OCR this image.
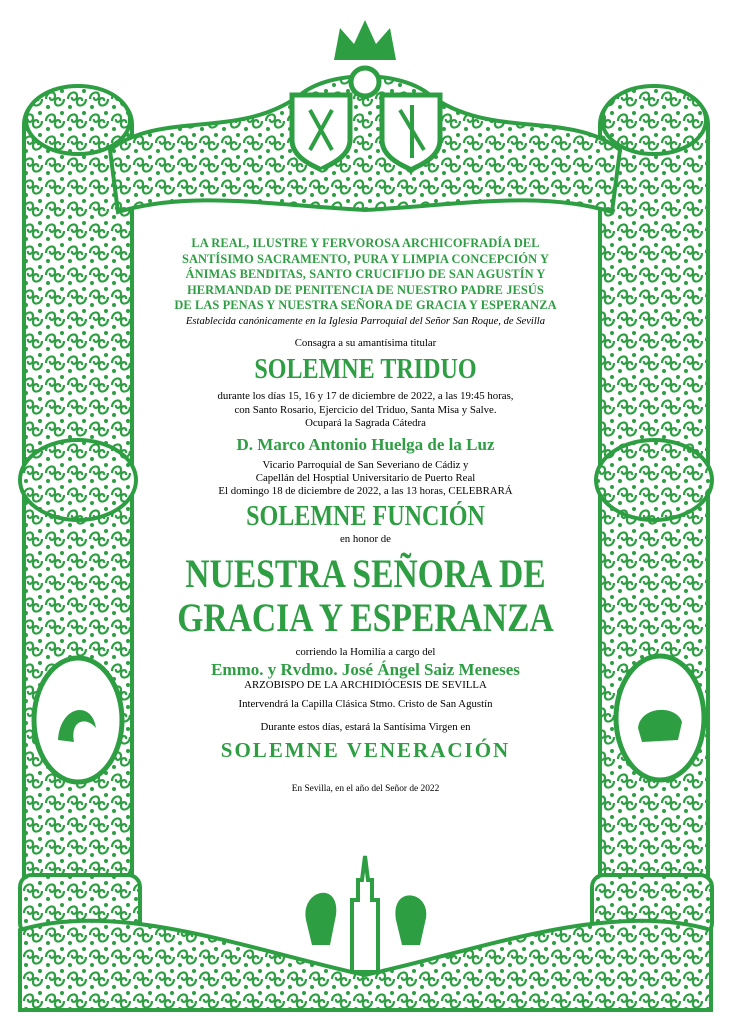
LA REAL, ILUSTRE Y FERVOROSA ARCHICOFRADÍA DEL
SANTÍSIMO SACRAMENTO, PURA Y LIMPIA CONCEPCIÓN Y
ÁNIMAS BENDITAS, SANTO CRUCIFIJO DE SAN AGUSTÍN Y
HERMANDAD DE PENITENCIA DE NUESTRO PADRE JESÚS
DE LAS PENAS Y NUESTRA SEÑORA DE GRACIA Y ESPERANZA
Establecida canónicamente en la Iglesia Parroquial del Señor San Roque, de Sevilla
Consagra a su amantísima titular
SOLEMNE TRIDUO
durante los días 15, 16 y 17 de diciembre de 2022, a las 19:45 horas,
con Santo Rosario, Ejercicio del Triduo, Santa Misa y Salve.
Ocupará la Sagrada Cátedra
D. Marco Antonio Huelga de la Luz
Vicario Parroquial de San Severiano de Cádiz y
Capellán del Hosptial Universitario de Puerto Real
El domingo 18 de diciembre de 2022, a las 13 horas, CELEBRARÁ
SOLEMNE FUNCIÓN
en honor de
NUESTRA SEÑORA DE
GRACIA Y ESPERANZA
corriendo la Homilía a cargo del
Emmo. y Rvdmo. José Ángel Saiz Meneses
ARZOBISPO DE LA ARCHIDIÓCESIS DE SEVILLA
Intervendrá la Capilla Clásica Stmo. Cristo de San Agustín
Durante estos días, estará la Santísima Virgen en
SOLEMNE VENERACIÓN
En Sevilla, en el año del Señor de 2022
